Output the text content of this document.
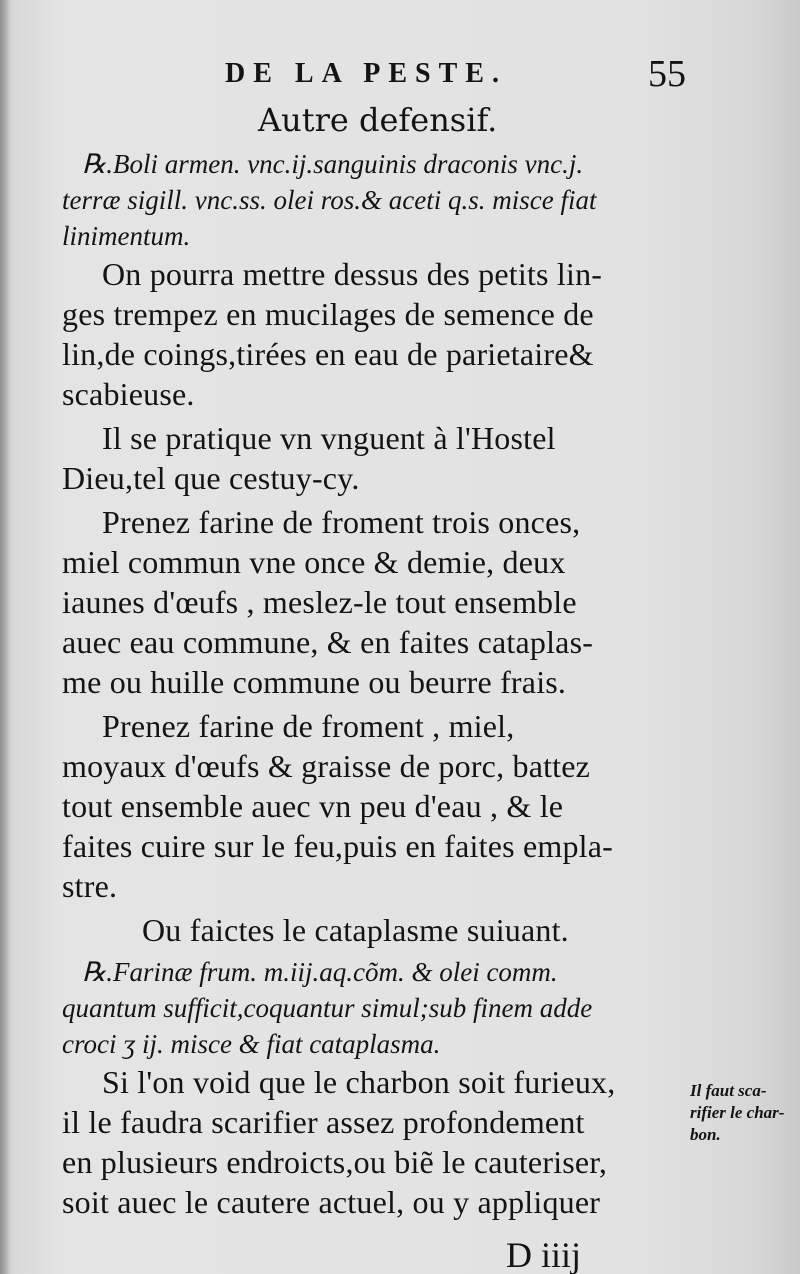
DE LA PESTE.	55
Autre defensif.
℞.Boli armen. vnc.ij.sanguinis draconis vnc.j.
terræ sigill. vnc.ss. olei ros.& aceti q.s. misce fiat
linimentum.
On pourra mettre dessus des petits lin-
ges trempez en mucilages de semence de
lin,de coings,tirées en eau de parietaire&
scabieuse.
Il se pratique vn vnguent à l'Hostel
Dieu,tel que cestuy-cy.
Prenez farine de froment trois onces,
miel commun vne once & demie, deux
iaunes d'œufs , meslez-le tout ensemble
auec eau commune, & en faites cataplas-
me ou huille commune ou beurre frais.
Prenez farine de froment , miel,
moyaux d'œufs & graisse de porc, battez
tout ensemble auec vn peu d'eau , & le
faites cuire sur le feu,puis en faites empla-
stre.
Ou faictes le cataplasme suiuant.
℞.Farinæ frum. m.iij.aq.cõm. & olei comm.
quantum sufficit,coquantur simul;sub finem adde
croci ʒ ij. misce & fiat cataplasma.
Si l'on void que le charbon soit furieux,
il le faudra scarifier assez profondement
en plusieurs endroicts,ou biẽ le cauteriser,
soit auec le cautere actuel, ou y appliquer
Il faut sca-
rifier le char-
bon.
D iiij
